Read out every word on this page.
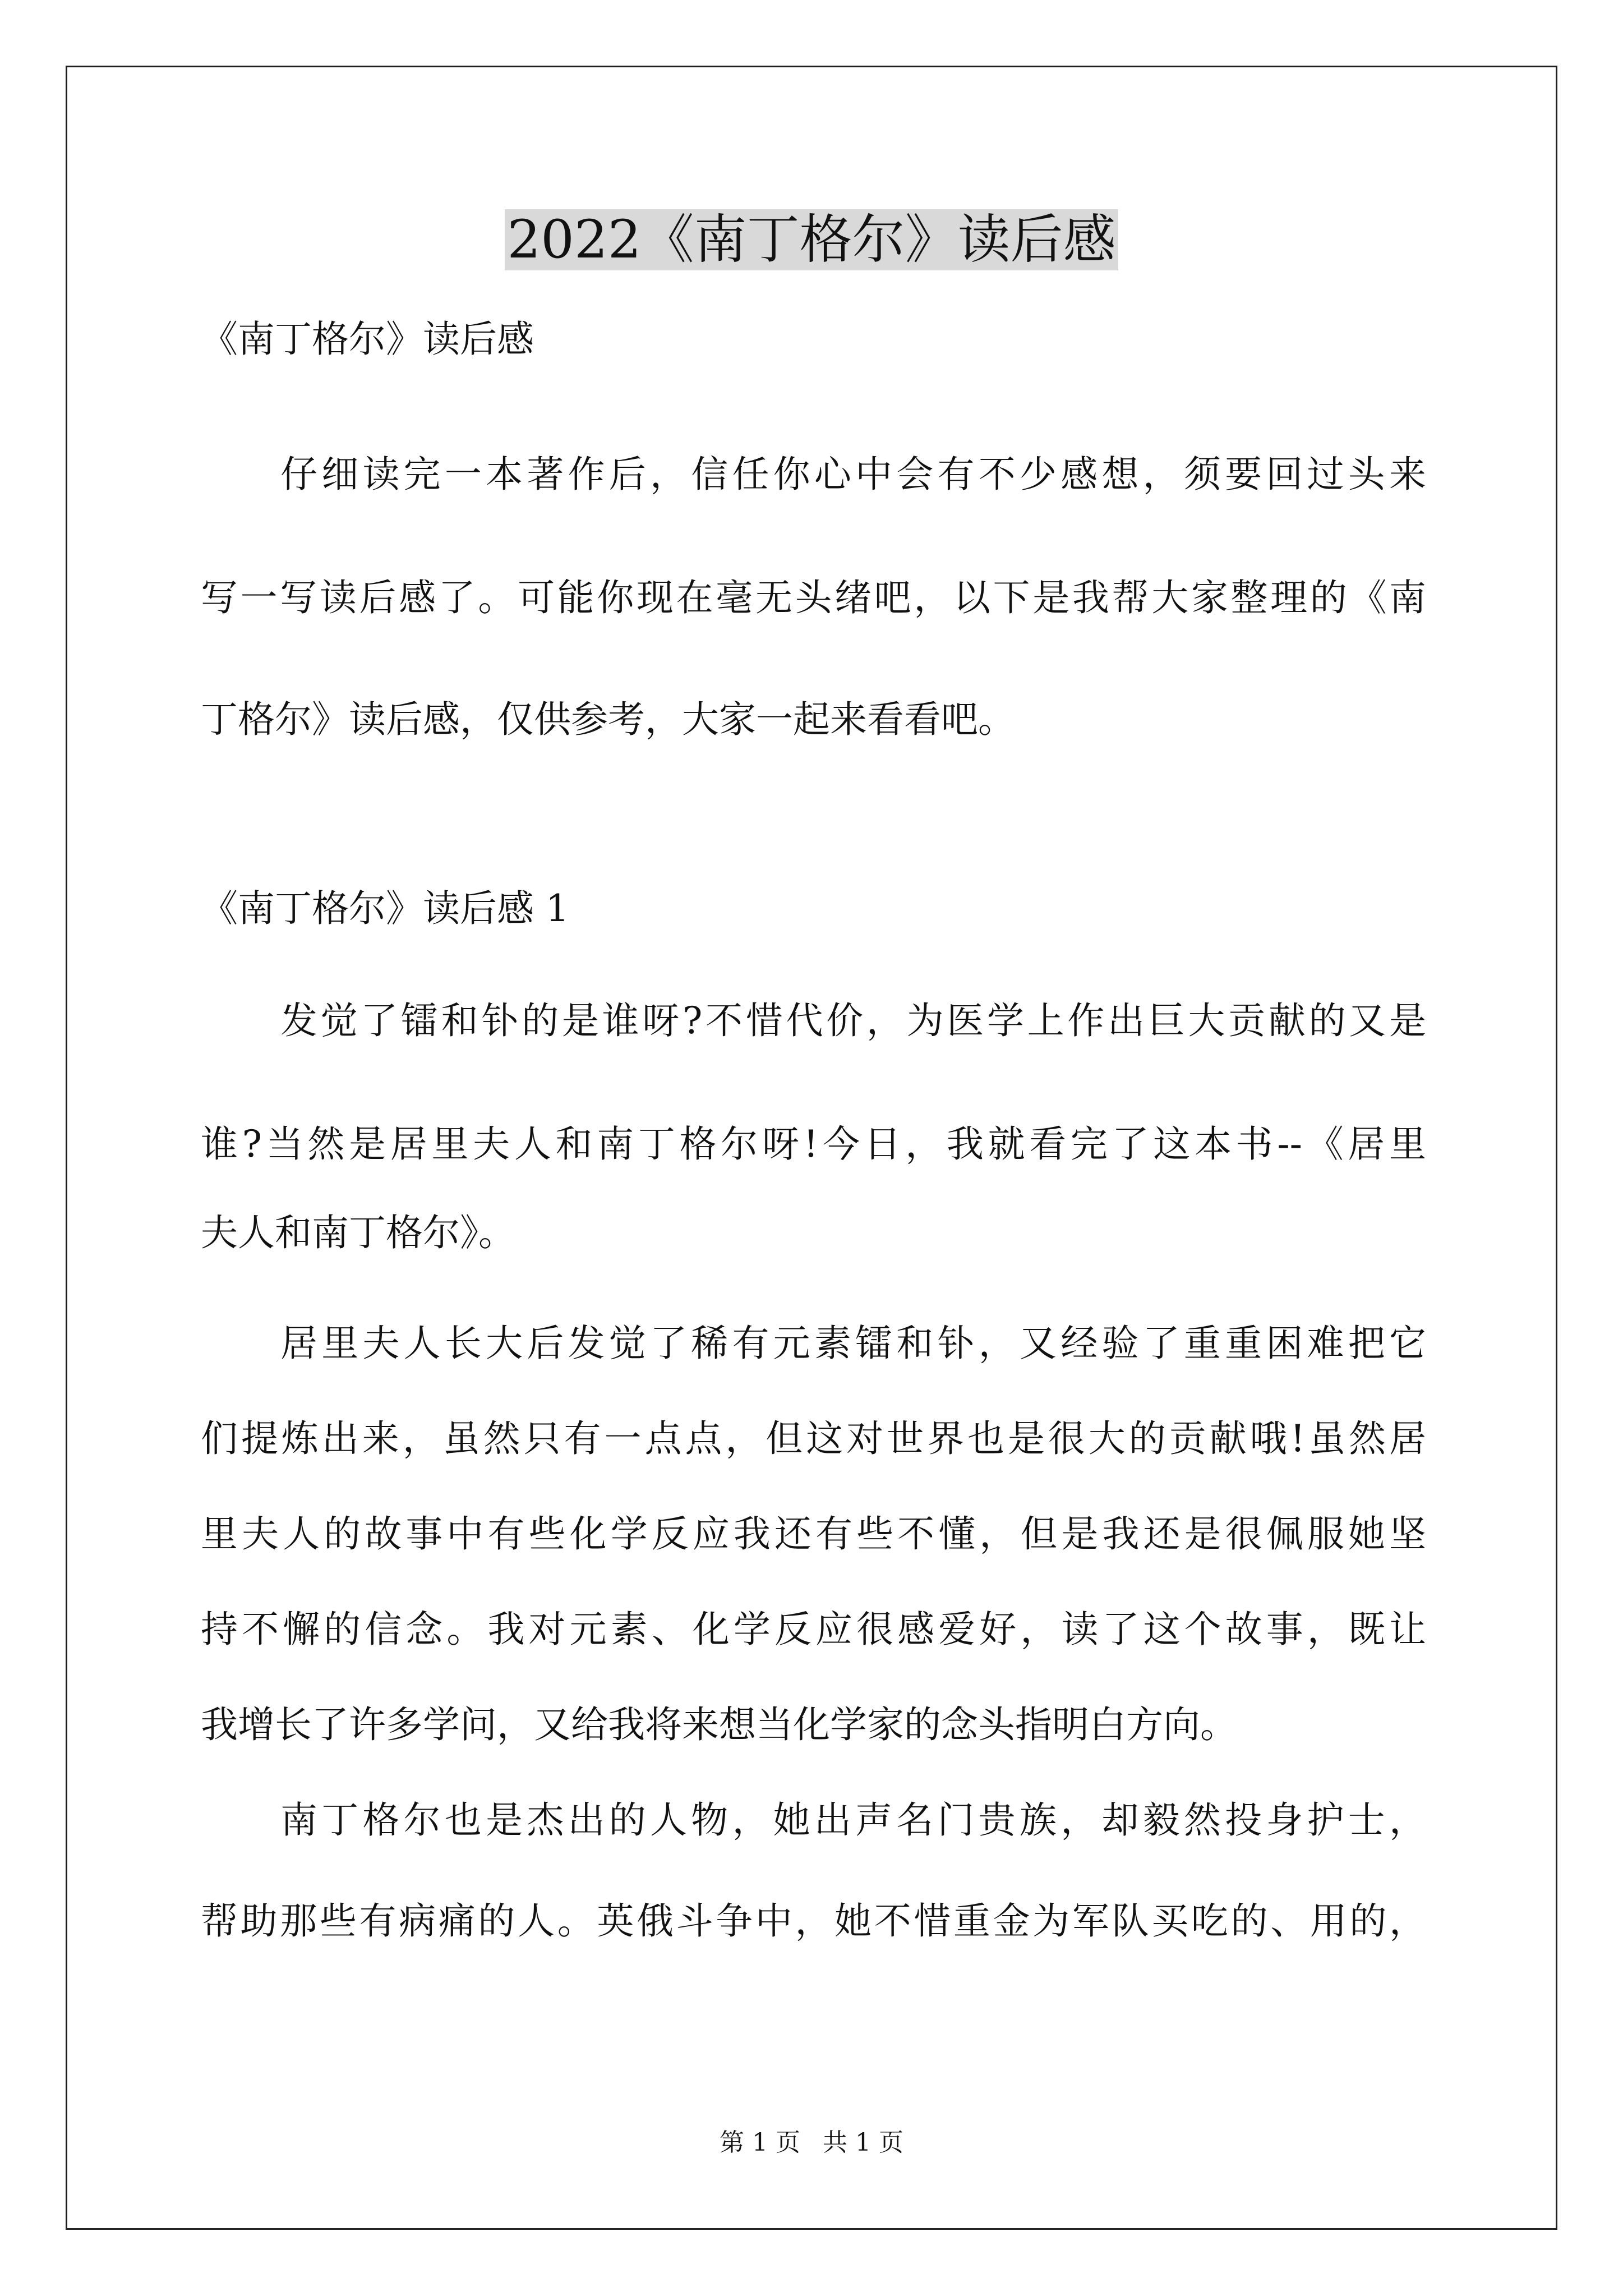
2022《南丁格尔》读后感

《南丁格尔》读后感

仔细读完一本著作后，信任你心中会有不少感想，须要回过头来

写一写读后感了。可能你现在毫无头绪吧，以下是我帮大家整理的《南

丁格尔》读后感，仅供参考，大家一起来看看吧。

《南丁格尔》读后感 1

发觉了镭和钋的是谁呀?不惜代价，为医学上作出巨大贡献的又是

谁?当然是居里夫人和南丁格尔呀!今日，我就看完了这本书--《居里

夫人和南丁格尔》。

居里夫人长大后发觉了稀有元素镭和钋，又经验了重重困难把它

们提炼出来，虽然只有一点点，但这对世界也是很大的贡献哦!虽然居

里夫人的故事中有些化学反应我还有些不懂，但是我还是很佩服她坚

持不懈的信念。我对元素、化学反应很感爱好，读了这个故事，既让

我增长了许多学问，又给我将来想当化学家的念头指明白方向。

南丁格尔也是杰出的人物，她出声名门贵族，却毅然投身护士，

帮助那些有病痛的人。英俄斗争中，她不惜重金为军队买吃的、用的，

第 1 页 共 1 页
